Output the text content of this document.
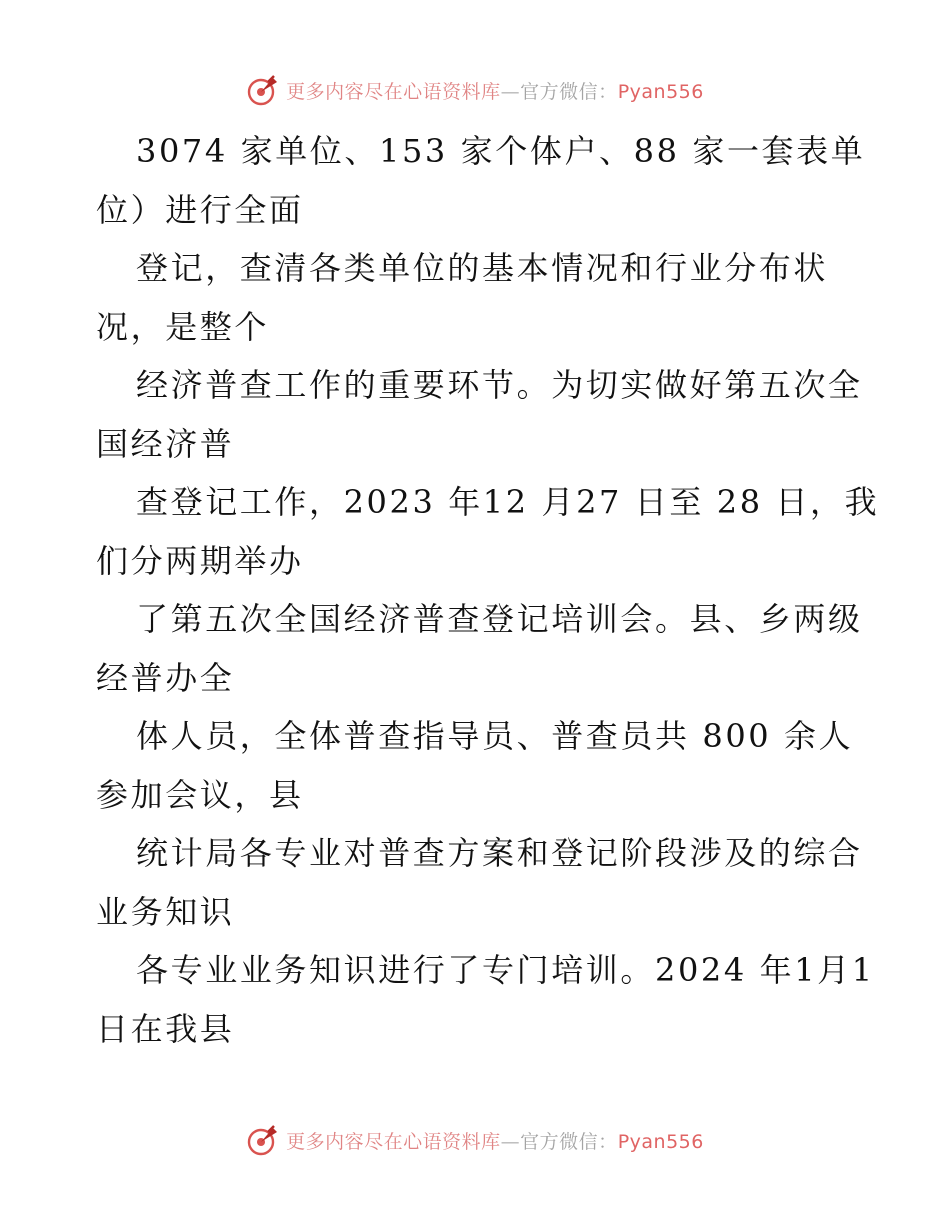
更多内容尽在心语资料库—官方微信：Pyan556
3074 家单位、153 家个体户、88 家一套表单
位）进行全面
登记，查清各类单位的基本情况和行业分布状
况，是整个
经济普查工作的重要环节。为切实做好第五次全
国经济普
查登记工作，2023 年12 月27 日至 28 日，我
们分两期举办
了第五次全国经济普查登记培训会。县、乡两级
经普办全
体人员，全体普查指导员、普查员共 800 余人
参加会议，县
统计局各专业对普查方案和登记阶段涉及的综合
业务知识
各专业业务知识进行了专门培训。2024 年1月1
日在我县
更多内容尽在心语资料库—官方微信：Pyan556
